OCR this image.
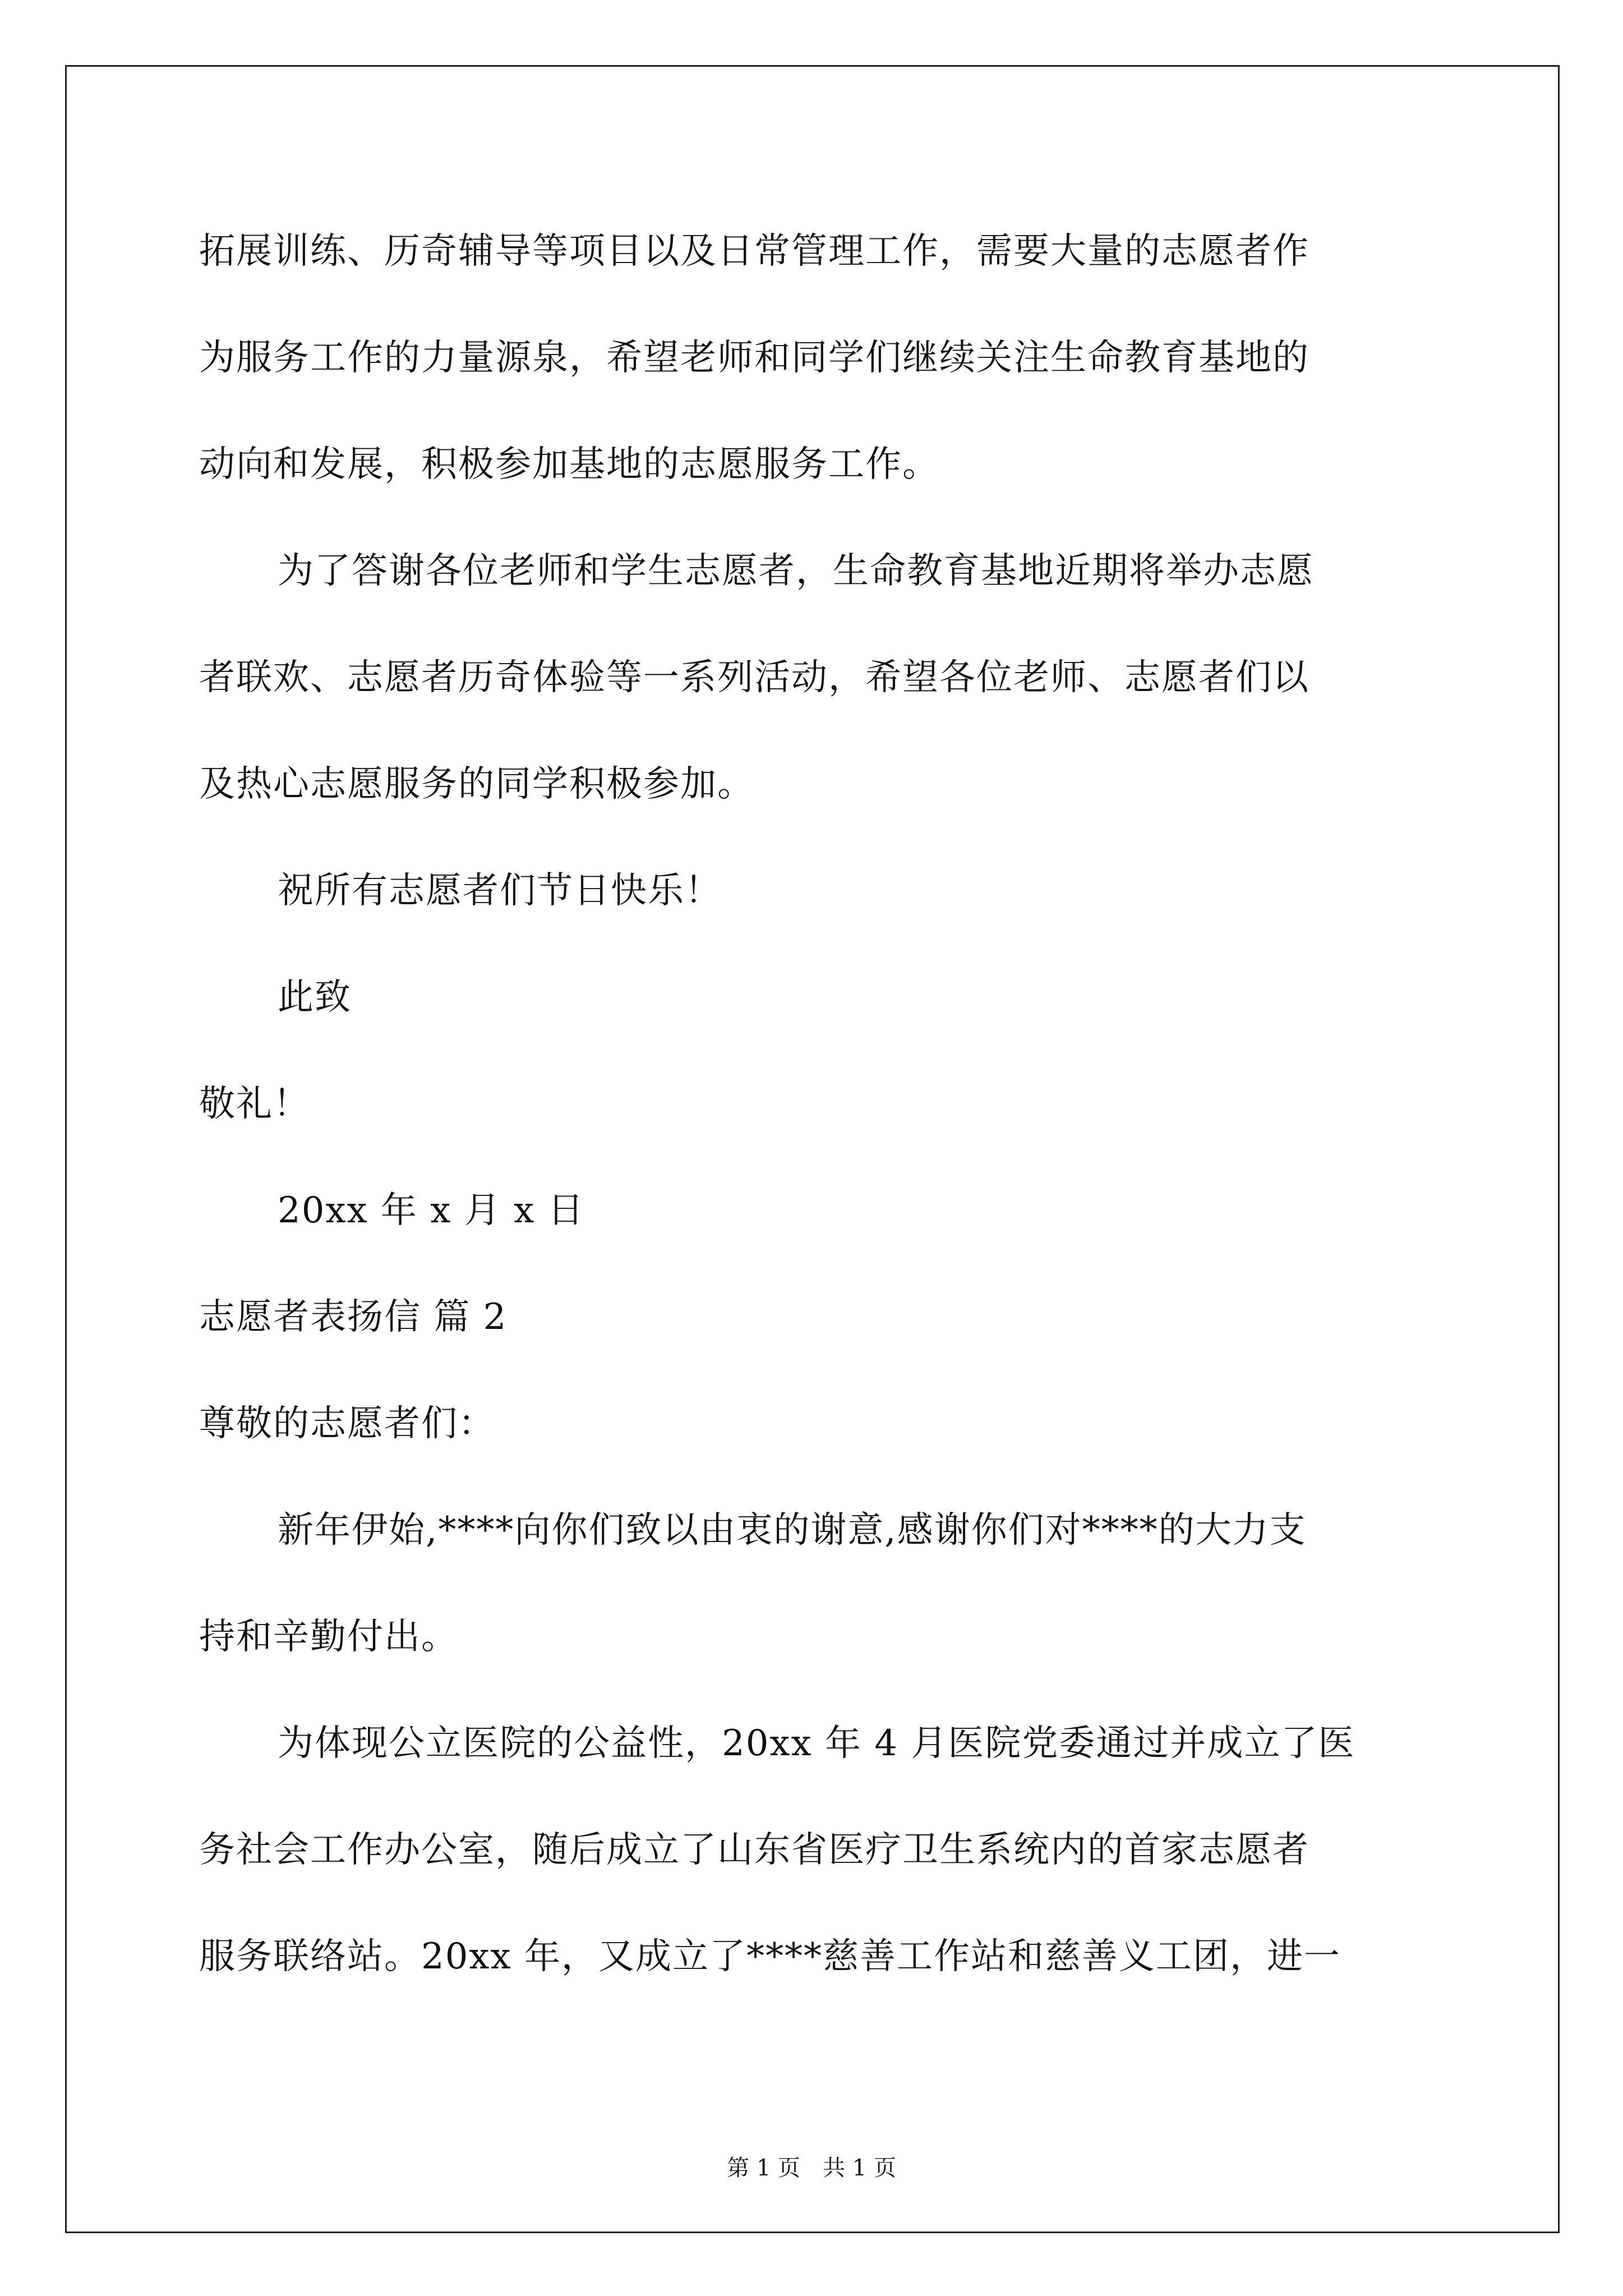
拓展训练、历奇辅导等项目以及日常管理工作，需要大量的志愿者作
为服务工作的力量源泉，希望老师和同学们继续关注生命教育基地的
动向和发展，积极参加基地的志愿服务工作。
为了答谢各位老师和学生志愿者，生命教育基地近期将举办志愿
者联欢、志愿者历奇体验等一系列活动，希望各位老师、志愿者们以
及热心志愿服务的同学积极参加。
祝所有志愿者们节日快乐！
此致
敬礼！
20xx 年 x 月 x 日
志愿者表扬信 篇 2
尊敬的志愿者们：
新年伊始,****向你们致以由衷的谢意,感谢你们对****的大力支
持和辛勤付出。
为体现公立医院的公益性，20xx 年 4 月医院党委通过并成立了医
务社会工作办公室，随后成立了山东省医疗卫生系统内的首家志愿者
服务联络站。20xx 年，又成立了****慈善工作站和慈善义工团，进一
第 1 页　共 1 页
